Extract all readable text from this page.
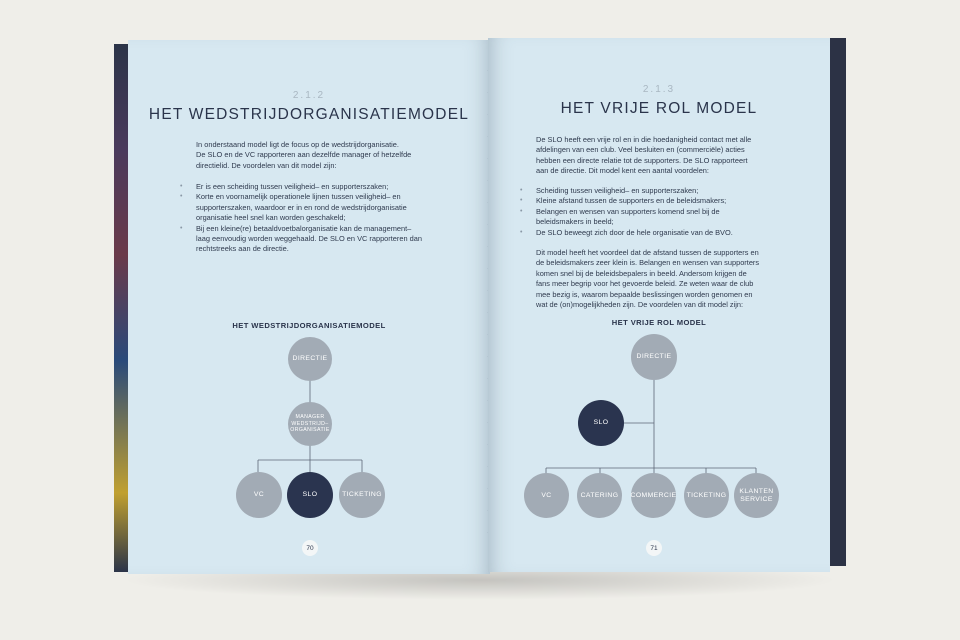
2.1.2
HET WEDSTRIJDORGANISATIEMODEL

In onderstaand model ligt de focus op de wedstrijdorganisatie.

De SLO en de VC rapporteren aan dezelfde manager of hetzelfde

directielid. De voordelen van dit model zijn:

• Er is een scheiding tussen veiligheid– en supporterszaken;

• Korte en voornamelijk operationele lijnen tussen veiligheid– en

supporterszaken, waardoor er in en rond de wedstrijdorganisatie

organisatie heel snel kan worden geschakeld;

• Bij een kleine(re) betaaldvoetbalorganisatie kan de management–

laag eenvoudig worden weggehaald. De SLO en VC rapporteren dan

rechtstreeks aan de directie.

HET WEDSTRIJDORGANISATIEMODEL
DIRECTIE
MANAGER
WEDSTRIJD–
ORGANISATIE
VC	SLO	TICKETING
70
2.1.3
HET VRIJE ROL MODEL

De SLO heeft een vrije rol en in die hoedanigheid contact met alle

afdelingen van een club. Veel besluiten en (commerciële) acties

hebben een directe relatie tot de supporters. De SLO rapporteert

aan de directie. Dit model kent een aantal voordelen:

• Scheiding tussen veiligheid– en supporterszaken;

• Kleine afstand tussen de supporters en de beleidsmakers;

• Belangen en wensen van supporters komend snel bij de

beleidsmakers in beeld;

• De SLO beweegt zich door de hele organisatie van de BVO.

Dit model heeft het voordeel dat de afstand tussen de supporters en

de beleidsmakers zeer klein is. Belangen en wensen van supporters

komen snel bij de beleidsbepalers in beeld. Andersom krijgen de

fans meer begrip voor het gevoerde beleid. Ze weten waar de club

mee bezig is, waarom bepaalde beslissingen worden genomen en

wat de (on)mogelijkheden zijn. De voordelen van dit model zijn:

HET VRIJE ROL MODEL
DIRECTIE
SLO
VC	CATERING	COMMERCIE	TICKETING
KLANTEN
SERVICE
71
